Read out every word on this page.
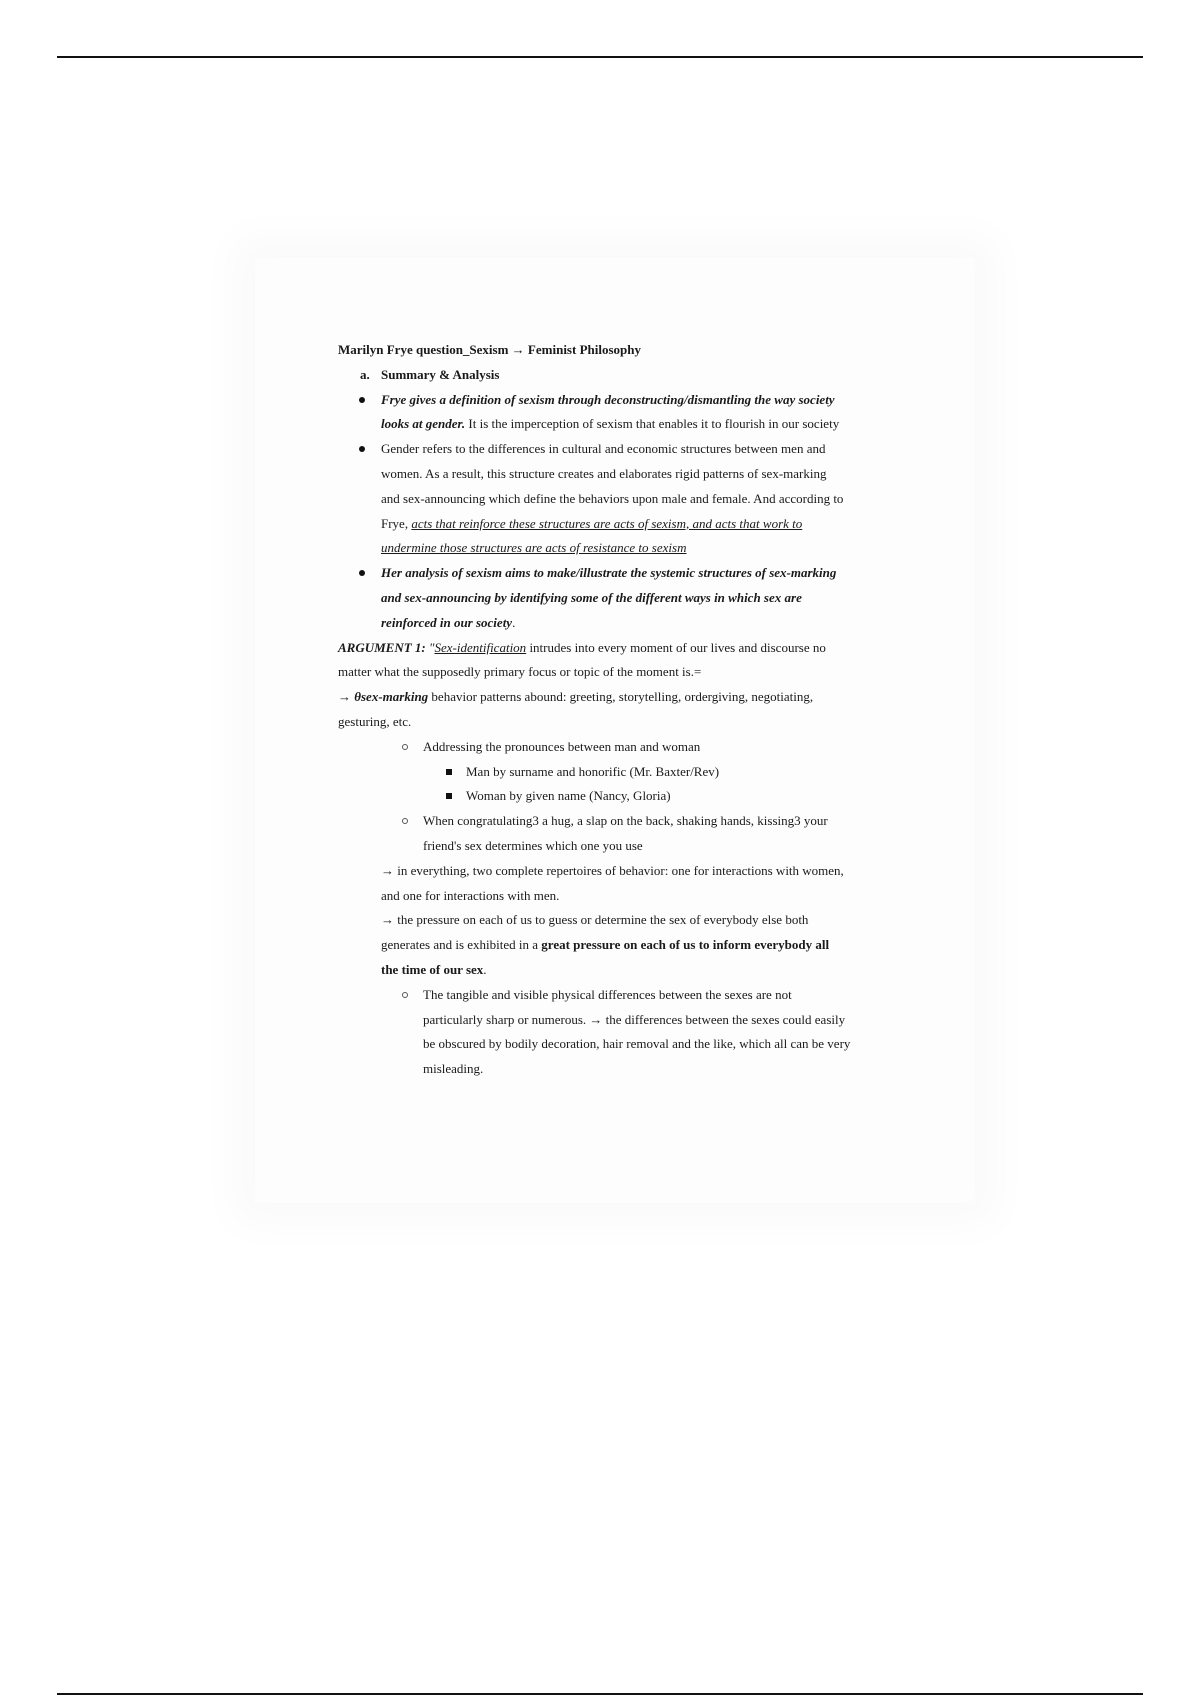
Marilyn Frye question_Sexism → Feminist Philosophy
a. Summary & Analysis
Frye gives a definition of sexism through deconstructing/dismantling the way society
looks at gender. It is the imperception of sexism that enables it to flourish in our society
Gender refers to the differences in cultural and economic structures between men and
women. As a result, this structure creates and elaborates rigid patterns of sex-marking
and sex-announcing which define the behaviors upon male and female. And according to
Frye, acts that reinforce these structures are acts of sexism, and acts that work to
undermine those structures are acts of resistance to sexism
Her analysis of sexism aims to make/illustrate the systemic structures of sex-marking
and sex-announcing by identifying some of the different ways in which sex are
reinforced in our society.
ARGUMENT 1: "Sex-identification intrudes into every moment of our lives and discourse no
matter what the supposedly primary focus or topic of the moment is.=
→ θsex-marking behavior patterns abound: greeting, storytelling, ordergiving, negotiating,
gesturing, etc.
Addressing the pronounces between man and woman
Man by surname and honorific (Mr. Baxter/Rev)
Woman by given name (Nancy, Gloria)
When congratulating3 a hug, a slap on the back, shaking hands, kissing3 your
friend's sex determines which one you use
→ in everything, two complete repertoires of behavior: one for interactions with women,
and one for interactions with men.
→ the pressure on each of us to guess or determine the sex of everybody else both
generates and is exhibited in a great pressure on each of us to inform everybody all
the time of our sex.
The tangible and visible physical differences between the sexes are not
particularly sharp or numerous. → the differences between the sexes could easily
be obscured by bodily decoration, hair removal and the like, which all can be very
misleading.
